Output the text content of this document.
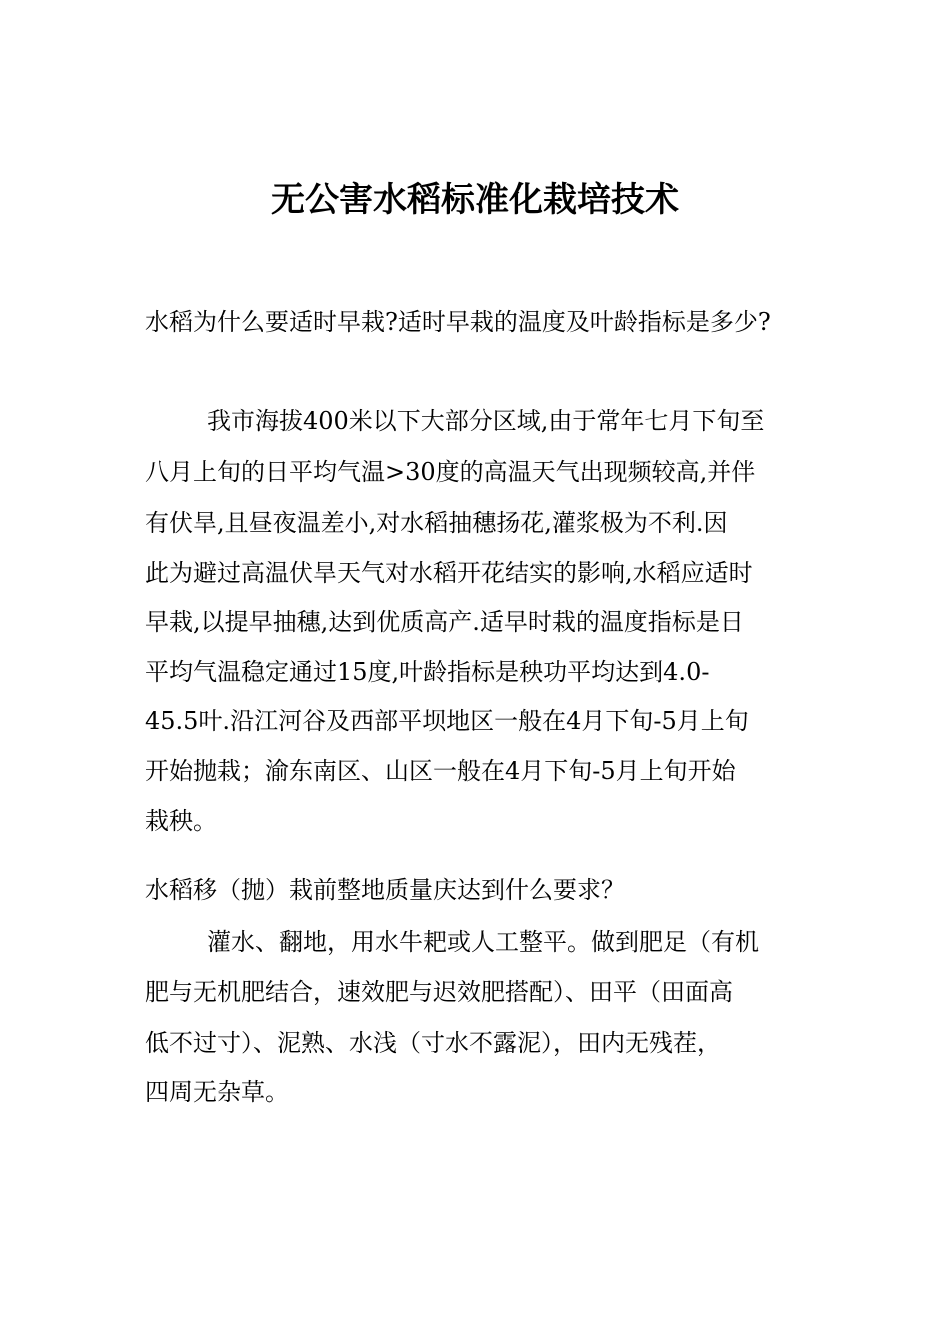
无公害水稻标准化栽培技术
水稻为什么要适时早栽?适时早栽的温度及叶龄指标是多少?
我市海拔400米以下大部分区域,由于常年七月下旬至
八月上旬的日平均气温>30度的高温天气出现频较高,并伴
有伏旱,且昼夜温差小,对水稻抽穗扬花,灌浆极为不利.因
此为避过高温伏旱天气对水稻开花结实的影响,水稻应适时
早栽,以提早抽穗,达到优质高产.适早时栽的温度指标是日
平均气温稳定通过15度,叶龄指标是秧功平均达到4.0-
45.5叶.沿江河谷及西部平坝地区一般在4月下旬-5月上旬
开始抛栽；渝东南区、山区一般在4月下旬-5月上旬开始
栽秧。
水稻移（抛）栽前整地质量庆达到什么要求？
灌水、翻地，用水牛耙或人工整平。做到肥足（有机
肥与无机肥结合，速效肥与迟效肥搭配）、田平（田面高
低不过寸）、泥熟、水浅（寸水不露泥），田内无残茬，
四周无杂草。
